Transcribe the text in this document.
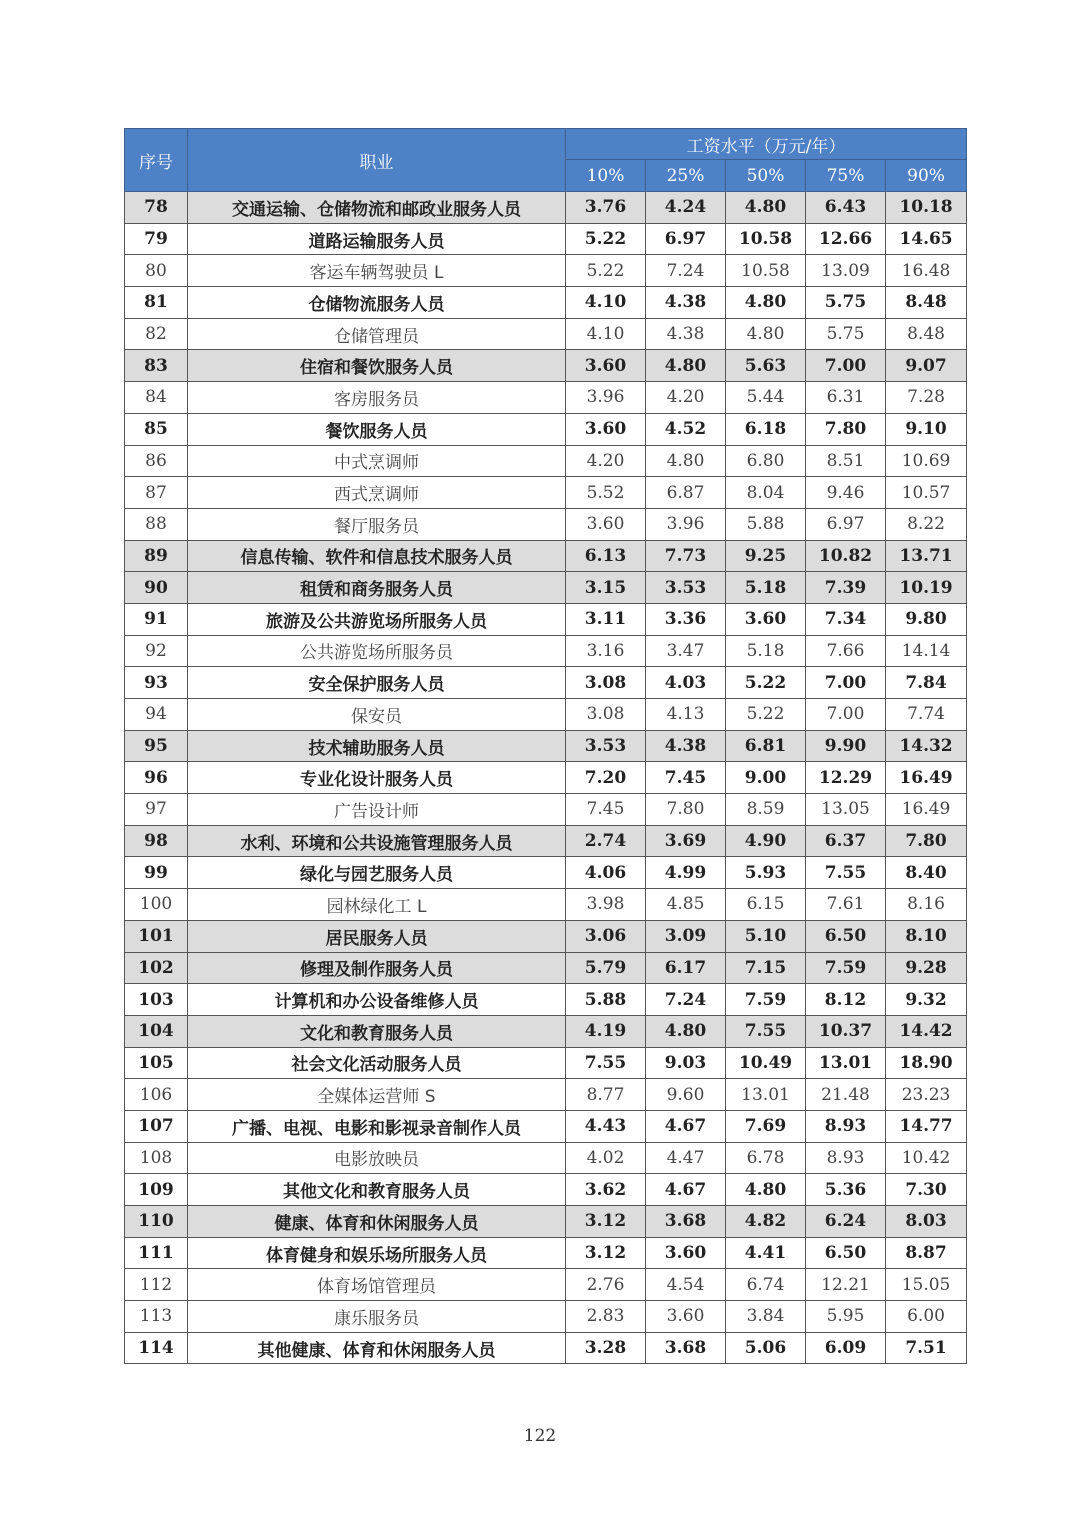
序号	职业	工资水平（万元/年）				
		10%	25%	50%	75%	90%
78	交通运输、仓储物流和邮政业服务人员	3.76	4.24	4.80	6.43	10.18
79	道路运输服务人员	5.22	6.97	10.58	12.66	14.65
80	客运车辆驾驶员 L	5.22	7.24	10.58	13.09	16.48
81	仓储物流服务人员	4.10	4.38	4.80	5.75	8.48
82	仓储管理员	4.10	4.38	4.80	5.75	8.48
83	住宿和餐饮服务人员	3.60	4.80	5.63	7.00	9.07
84	客房服务员	3.96	4.20	5.44	6.31	7.28
85	餐饮服务人员	3.60	4.52	6.18	7.80	9.10
86	中式烹调师	4.20	4.80	6.80	8.51	10.69
87	西式烹调师	5.52	6.87	8.04	9.46	10.57
88	餐厅服务员	3.60	3.96	5.88	6.97	8.22
89	信息传输、软件和信息技术服务人员	6.13	7.73	9.25	10.82	13.71
90	租赁和商务服务人员	3.15	3.53	5.18	7.39	10.19
91	旅游及公共游览场所服务人员	3.11	3.36	3.60	7.34	9.80
92	公共游览场所服务员	3.16	3.47	5.18	7.66	14.14
93	安全保护服务人员	3.08	4.03	5.22	7.00	7.84
94	保安员	3.08	4.13	5.22	7.00	7.74
95	技术辅助服务人员	3.53	4.38	6.81	9.90	14.32
96	专业化设计服务人员	7.20	7.45	9.00	12.29	16.49
97	广告设计师	7.45	7.80	8.59	13.05	16.49
98	水利、环境和公共设施管理服务人员	2.74	3.69	4.90	6.37	7.80
99	绿化与园艺服务人员	4.06	4.99	5.93	7.55	8.40
100	园林绿化工 L	3.98	4.85	6.15	7.61	8.16
101	居民服务人员	3.06	3.09	5.10	6.50	8.10
102	修理及制作服务人员	5.79	6.17	7.15	7.59	9.28
103	计算机和办公设备维修人员	5.88	7.24	7.59	8.12	9.32
104	文化和教育服务人员	4.19	4.80	7.55	10.37	14.42
105	社会文化活动服务人员	7.55	9.03	10.49	13.01	18.90
106	全媒体运营师 S	8.77	9.60	13.01	21.48	23.23
107	广播、电视、电影和影视录音制作人员	4.43	4.67	7.69	8.93	14.77
108	电影放映员	4.02	4.47	6.78	8.93	10.42
109	其他文化和教育服务人员	3.62	4.67	4.80	5.36	7.30
110	健康、体育和休闲服务人员	3.12	3.68	4.82	6.24	8.03
111	体育健身和娱乐场所服务人员	3.12	3.60	4.41	6.50	8.87
112	体育场馆管理员	2.76	4.54	6.74	12.21	15.05
113	康乐服务员	2.83	3.60	3.84	5.95	6.00
114	其他健康、体育和休闲服务人员	3.28	3.68	5.06	6.09	7.51
122
